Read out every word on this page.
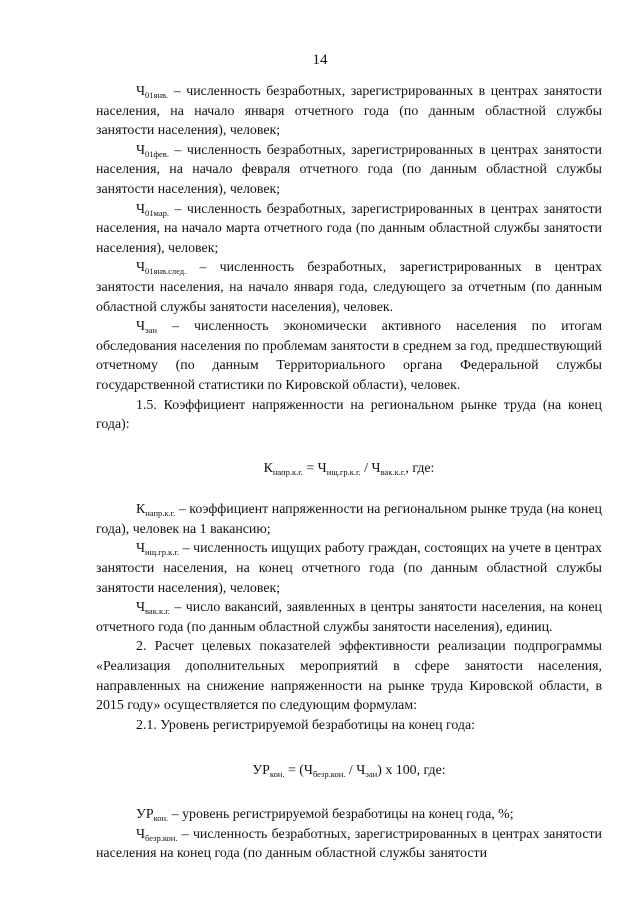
14

$Ч_{01янв.}$ – численность безработных, зарегистрированных в центрах занятости населения, на начало января отчетного года (по данным областной службы занятости населения), человек;

$Ч_{01фев.}$ – численность безработных, зарегистрированных в центрах занятости населения, на начало февраля отчетного года (по данным областной службы занятости населения), человек;

$Ч_{01мар.}$ – численность безработных, зарегистрированных в центрах занятости населения, на начало марта отчетного года (по данным областной службы занятости населения), человек;

$Ч_{01янв.след.}$ – численность безработных, зарегистрированных в центрах занятости населения, на начало января года, следующего за отчетным (по данным областной службы занятости населения), человек.

$Ч_{эан}$ – численность экономически активного населения по итогам обследования населения по проблемам занятости в среднем за год, предшествующий отчетному (по данным Территориального органа Федеральной службы государственной статистики по Кировской области), человек.

1.5. Коэффициент напряженности на региональном рынке труда (на конец года):

$К_{напр.к.г.} = Ч_{ищ.гр.к.г.} / Ч_{вак.к.г.}$, где:

$К_{напр.к.г.}$ – коэффициент напряженности на региональном рынке труда (на конец года), человек на 1 вакансию;

$Ч_{ищ.гр.к.г.}$ – численность ищущих работу граждан, состоящих на учете в центрах занятости населения, на конец отчетного года (по данным областной службы занятости населения), человек;

$Ч_{вак.к.г.}$ – число вакансий, заявленных в центры занятости населения, на конец отчетного года (по данным областной службы занятости населения), единиц.

2. Расчет целевых показателей эффективности реализации подпрограммы «Реализация дополнительных мероприятий в сфере занятости населения, направленных на снижение напряженности на рынке труда Кировской области, в 2015 году» осуществляется по следующим формулам:

2.1. Уровень регистрируемой безработицы на конец года:

$УР_{кон.} = (Ч_{безр.кон.} / Ч_{эан})$ x 100, где:

$УР_{кон.}$ – уровень регистрируемой безработицы на конец года, %;

$Ч_{безр.кон.}$ – численность безработных, зарегистрированных в центрах занятости населения на конец года (по данным областной службы занятости
